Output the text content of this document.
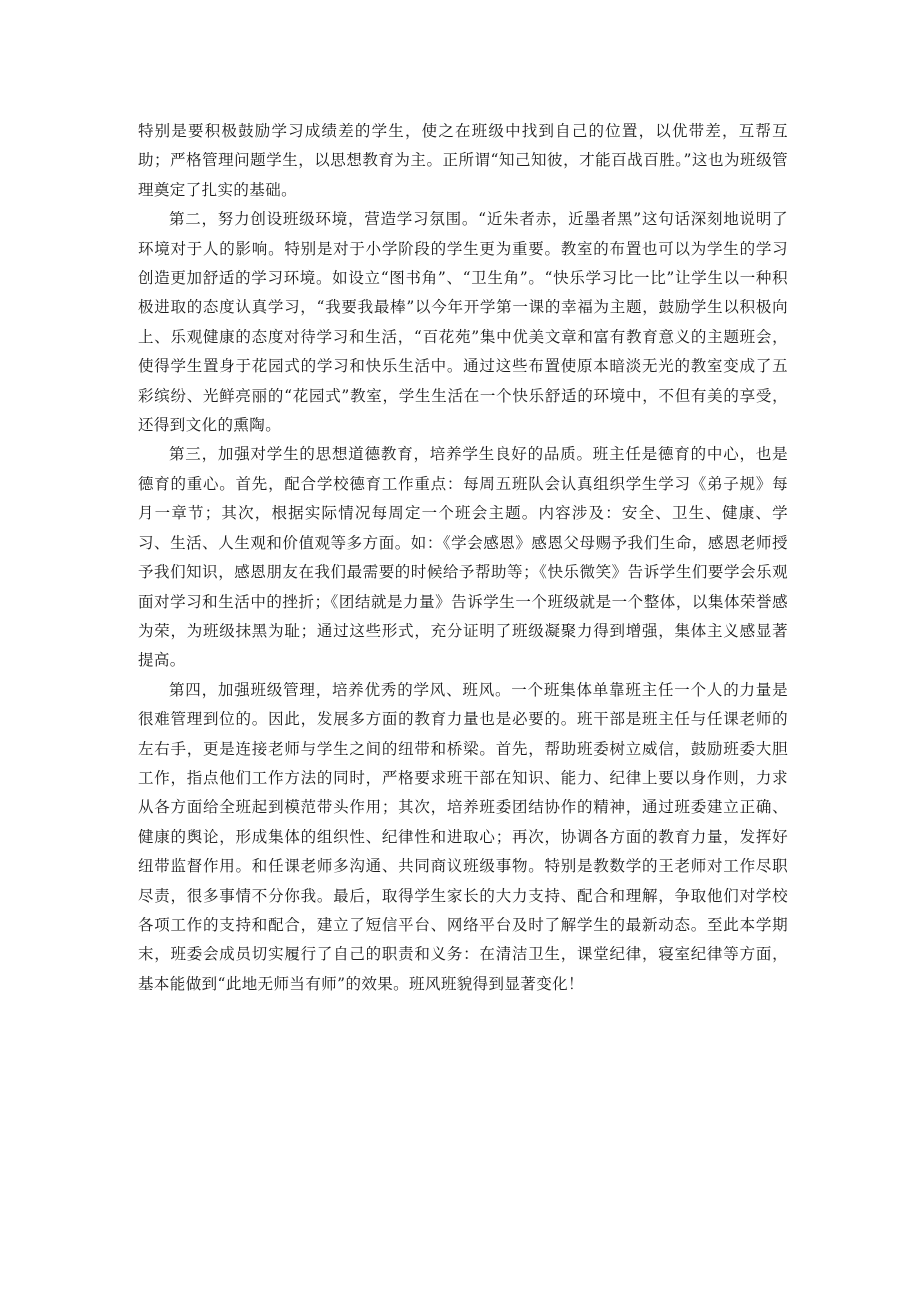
特别是要积极鼓励学习成绩差的学生，使之在班级中找到自己的位置，以优带差，互帮互助；严格管理问题学生，以思想教育为主。正所谓“知己知彼，才能百战百胜。”这也为班级管理奠定了扎实的基础。

第二，努力创设班级环境，营造学习氛围。“近朱者赤，近墨者黑”这句话深刻地说明了环境对于人的影响。特别是对于小学阶段的学生更为重要。教室的布置也可以为学生的学习创造更加舒适的学习环境。如设立“图书角”、“卫生角”。“快乐学习比一比”让学生以一种积极进取的态度认真学习，“我要我最棒”以今年开学第一课的幸福为主题，鼓励学生以积极向上、乐观健康的态度对待学习和生活，“百花苑”集中优美文章和富有教育意义的主题班会，使得学生置身于花园式的学习和快乐生活中。通过这些布置使原本暗淡无光的教室变成了五彩缤纷、光鲜亮丽的“花园式”教室，学生生活在一个快乐舒适的环境中，不但有美的享受，还得到文化的熏陶。

第三，加强对学生的思想道德教育，培养学生良好的品质。班主任是德育的中心，也是德育的重心。首先，配合学校德育工作重点：每周五班队会认真组织学生学习《弟子规》每月一章节；其次，根据实际情况每周定一个班会主题。内容涉及：安全、卫生、健康、学习、生活、人生观和价值观等多方面。如：《学会感恩》感恩父母赐予我们生命，感恩老师授予我们知识，感恩朋友在我们最需要的时候给予帮助等；《快乐微笑》告诉学生们要学会乐观面对学习和生活中的挫折；《团结就是力量》告诉学生一个班级就是一个整体，以集体荣誉感为荣，为班级抹黑为耻；通过这些形式，充分证明了班级凝聚力得到增强，集体主义感显著提高。

第四，加强班级管理，培养优秀的学风、班风。一个班集体单靠班主任一个人的力量是很难管理到位的。因此，发展多方面的教育力量也是必要的。班干部是班主任与任课老师的左右手，更是连接老师与学生之间的纽带和桥梁。首先，帮助班委树立威信，鼓励班委大胆工作，指点他们工作方法的同时，严格要求班干部在知识、能力、纪律上要以身作则，力求从各方面给全班起到模范带头作用；其次，培养班委团结协作的精神，通过班委建立正确、健康的舆论，形成集体的组织性、纪律性和进取心；再次，协调各方面的教育力量，发挥好纽带监督作用。和任课老师多沟通、共同商议班级事物。特别是教数学的王老师对工作尽职尽责，很多事情不分你我。最后，取得学生家长的大力支持、配合和理解，争取他们对学校各项工作的支持和配合，建立了短信平台、网络平台及时了解学生的最新动态。至此本学期末，班委会成员切实履行了自己的职责和义务：在清洁卫生，课堂纪律，寝室纪律等方面，基本能做到“此地无师当有师”的效果。班风班貌得到显著变化！
